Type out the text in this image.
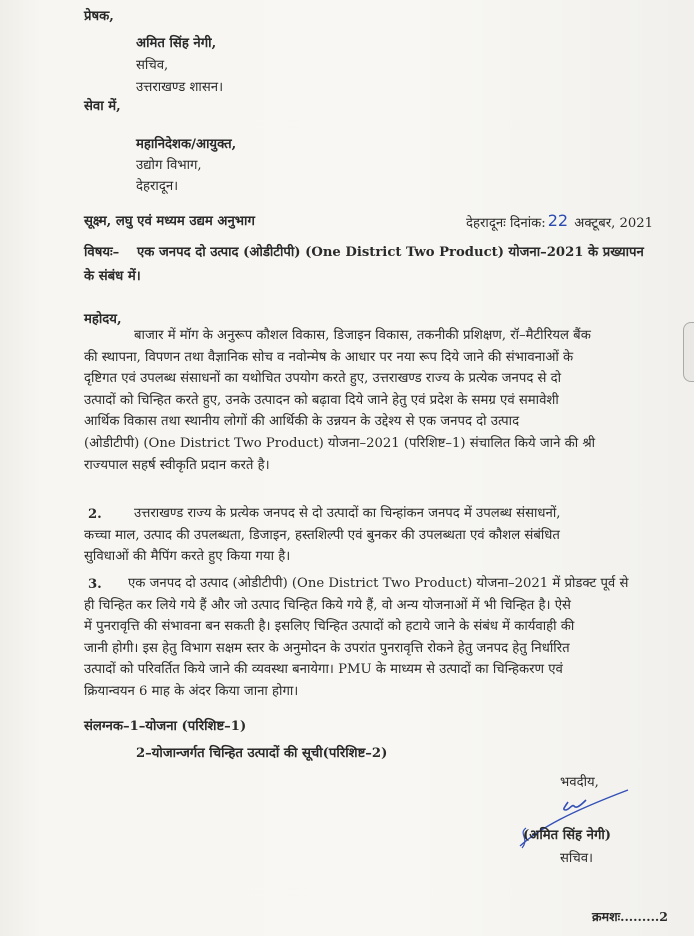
प्रेषक,
अमित सिंह नेगी,
सचिव,
उत्तराखण्ड शासन।
सेवा में,
महानिदेशक/आयुक्त,
उद्योग विभाग,
देहरादून।
सूक्ष्म, लघु एवं मध्यम उद्यम अनुभाग	देहरादूनः दिनांक: 22 अक्टूबर, 2021
विषयः– एक जनपद दो उत्पाद (ओडीटीपी) (One District Two Product) योजना–2021 के प्रख्यापन
के संबंध में।
महोदय,
बाजार में मॉग के अनुरूप कौशल विकास, डिजाइन विकास, तकनीकी प्रशिक्षण, रॉ–मैटीरियल बैंक
की स्थापना, विपणन तथा वैज्ञानिक सोच व नवोन्मेष के आधार पर नया रूप दिये जाने की संभावनाओं के
दृष्टिगत एवं उपलब्ध संसाधनों का यथोचित उपयोग करते हुए, उत्तराखण्ड राज्य के प्रत्येक जनपद से दो
उत्पादों को चिन्हित करते हुए, उनके उत्पादन को बढ़ावा दिये जाने हेतु एवं प्रदेश के समग्र एवं समावेशी
आर्थिक विकास तथा स्थानीय लोगों की आर्थिकी के उन्नयन के उद्देश्य से एक जनपद दो उत्पाद
(ओडीटीपी) (One District Two Product) योजना–2021 (परिशिष्ट–1) संचालित किये जाने की श्री
राज्यपाल सहर्ष स्वीकृति प्रदान करते है।
2.	उत्तराखण्ड राज्य के प्रत्येक जनपद से दो उत्पादों का चिन्हांकन जनपद में उपलब्ध संसाधनों,
कच्चा माल, उत्पाद की उपलब्धता, डिजाइन, हस्तशिल्पी एवं बुनकर की उपलब्धता एवं कौशल संबंधित
सुविधाओं की मैपिंग करते हुए किया गया है।
3.	एक जनपद दो उत्पाद (ओडीटीपी) (One District Two Product) योजना–2021 में प्रोडक्ट पूर्व से
ही चिन्हित कर लिये गये हैं और जो उत्पाद चिन्हित किये गये हैं, वो अन्य योजनाओं में भी चिन्हित है। ऐसे
में पुनरावृत्ति की संभावना बन सकती है। इसलिए चिन्हित उत्पादों को हटाये जाने के संबंध में कार्यवाही की
जानी होगी। इस हेतु विभाग सक्षम स्तर के अनुमोदन के उपरांत पुनरावृत्ति रोकने हेतु जनपद हेतु निर्धारित
उत्पादों को परिवर्तित किये जाने की व्यवस्था बनायेगा। PMU के माध्यम से उत्पादों का चिन्हिकरण एवं
क्रियान्वयन 6 माह के अंदर किया जाना होगा।
संलग्नक–1–योजना (परिशिष्ट–1)
2–योजान्जर्गत चिन्हित उत्पादों की सूची(परिशिष्ट–2)
भवदीय,
(अमित सिंह नेगी)
सचिव।
क्रमशः.........2
